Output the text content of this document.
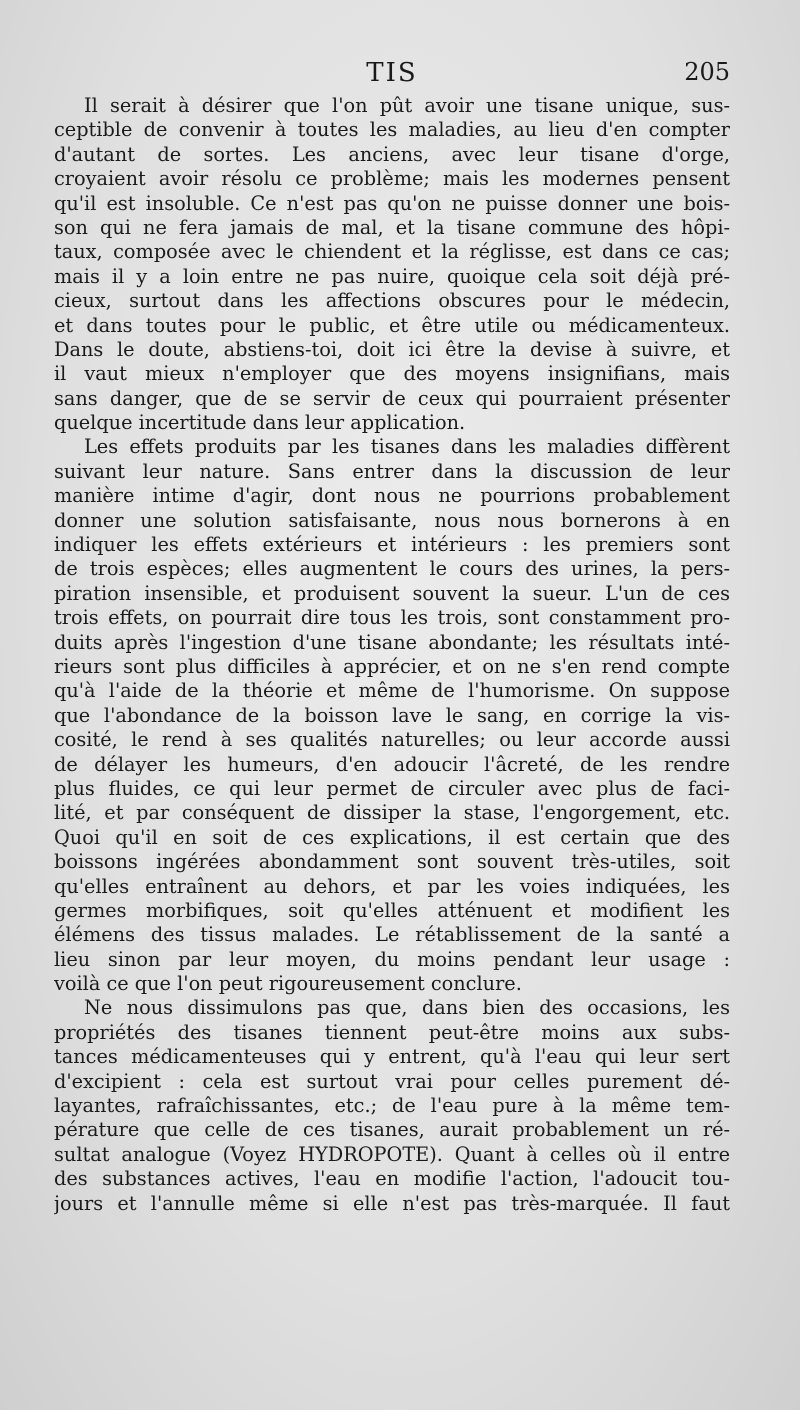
TIS	205
Il serait à désirer que l'on pût avoir une tisane unique, sus-
ceptible de convenir à toutes les maladies, au lieu d'en compter
d'autant de sortes. Les anciens, avec leur tisane d'orge,
croyaient avoir résolu ce problème; mais les modernes pensent
qu'il est insoluble. Ce n'est pas qu'on ne puisse donner une bois-
son qui ne fera jamais de mal, et la tisane commune des hôpi-
taux, composée avec le chiendent et la réglisse, est dans ce cas;
mais il y a loin entre ne pas nuire, quoique cela soit déjà pré-
cieux, surtout dans les affections obscures pour le médecin,
et dans toutes pour le public, et être utile ou médicamenteux.
Dans le doute, abstiens-toi, doit ici être la devise à suivre, et
il vaut mieux n'employer que des moyens insignifians, mais
sans danger, que de se servir de ceux qui pourraient présenter
quelque incertitude dans leur application.
Les effets produits par les tisanes dans les maladies diffèrent
suivant leur nature. Sans entrer dans la discussion de leur
manière intime d'agir, dont nous ne pourrions probablement
donner une solution satisfaisante, nous nous bornerons à en
indiquer les effets extérieurs et intérieurs : les premiers sont
de trois espèces; elles augmentent le cours des urines, la pers-
piration insensible, et produisent souvent la sueur. L'un de ces
trois effets, on pourrait dire tous les trois, sont constamment pro-
duits après l'ingestion d'une tisane abondante; les résultats inté-
rieurs sont plus difficiles à apprécier, et on ne s'en rend compte
qu'à l'aide de la théorie et même de l'humorisme. On suppose
que l'abondance de la boisson lave le sang, en corrige la vis-
cosité, le rend à ses qualités naturelles; ou leur accorde aussi
de délayer les humeurs, d'en adoucir l'âcreté, de les rendre
plus fluides, ce qui leur permet de circuler avec plus de faci-
lité, et par conséquent de dissiper la stase, l'engorgement, etc.
Quoi qu'il en soit de ces explications, il est certain que des
boissons ingérées abondamment sont souvent très-utiles, soit
qu'elles entraînent au dehors, et par les voies indiquées, les
germes morbifiques, soit qu'elles atténuent et modifient les
élémens des tissus malades. Le rétablissement de la santé a
lieu sinon par leur moyen, du moins pendant leur usage :
voilà ce que l'on peut rigoureusement conclure.
Ne nous dissimulons pas que, dans bien des occasions, les
propriétés des tisanes tiennent peut-être moins aux subs-
tances médicamenteuses qui y entrent, qu'à l'eau qui leur sert
d'excipient : cela est surtout vrai pour celles purement dé-
layantes, rafraîchissantes, etc.; de l'eau pure à la même tem-
pérature que celle de ces tisanes, aurait probablement un ré-
sultat analogue (Voyez HYDROPOTE). Quant à celles où il entre
des substances actives, l'eau en modifie l'action, l'adoucit tou-
jours et l'annulle même si elle n'est pas très-marquée. Il faut
